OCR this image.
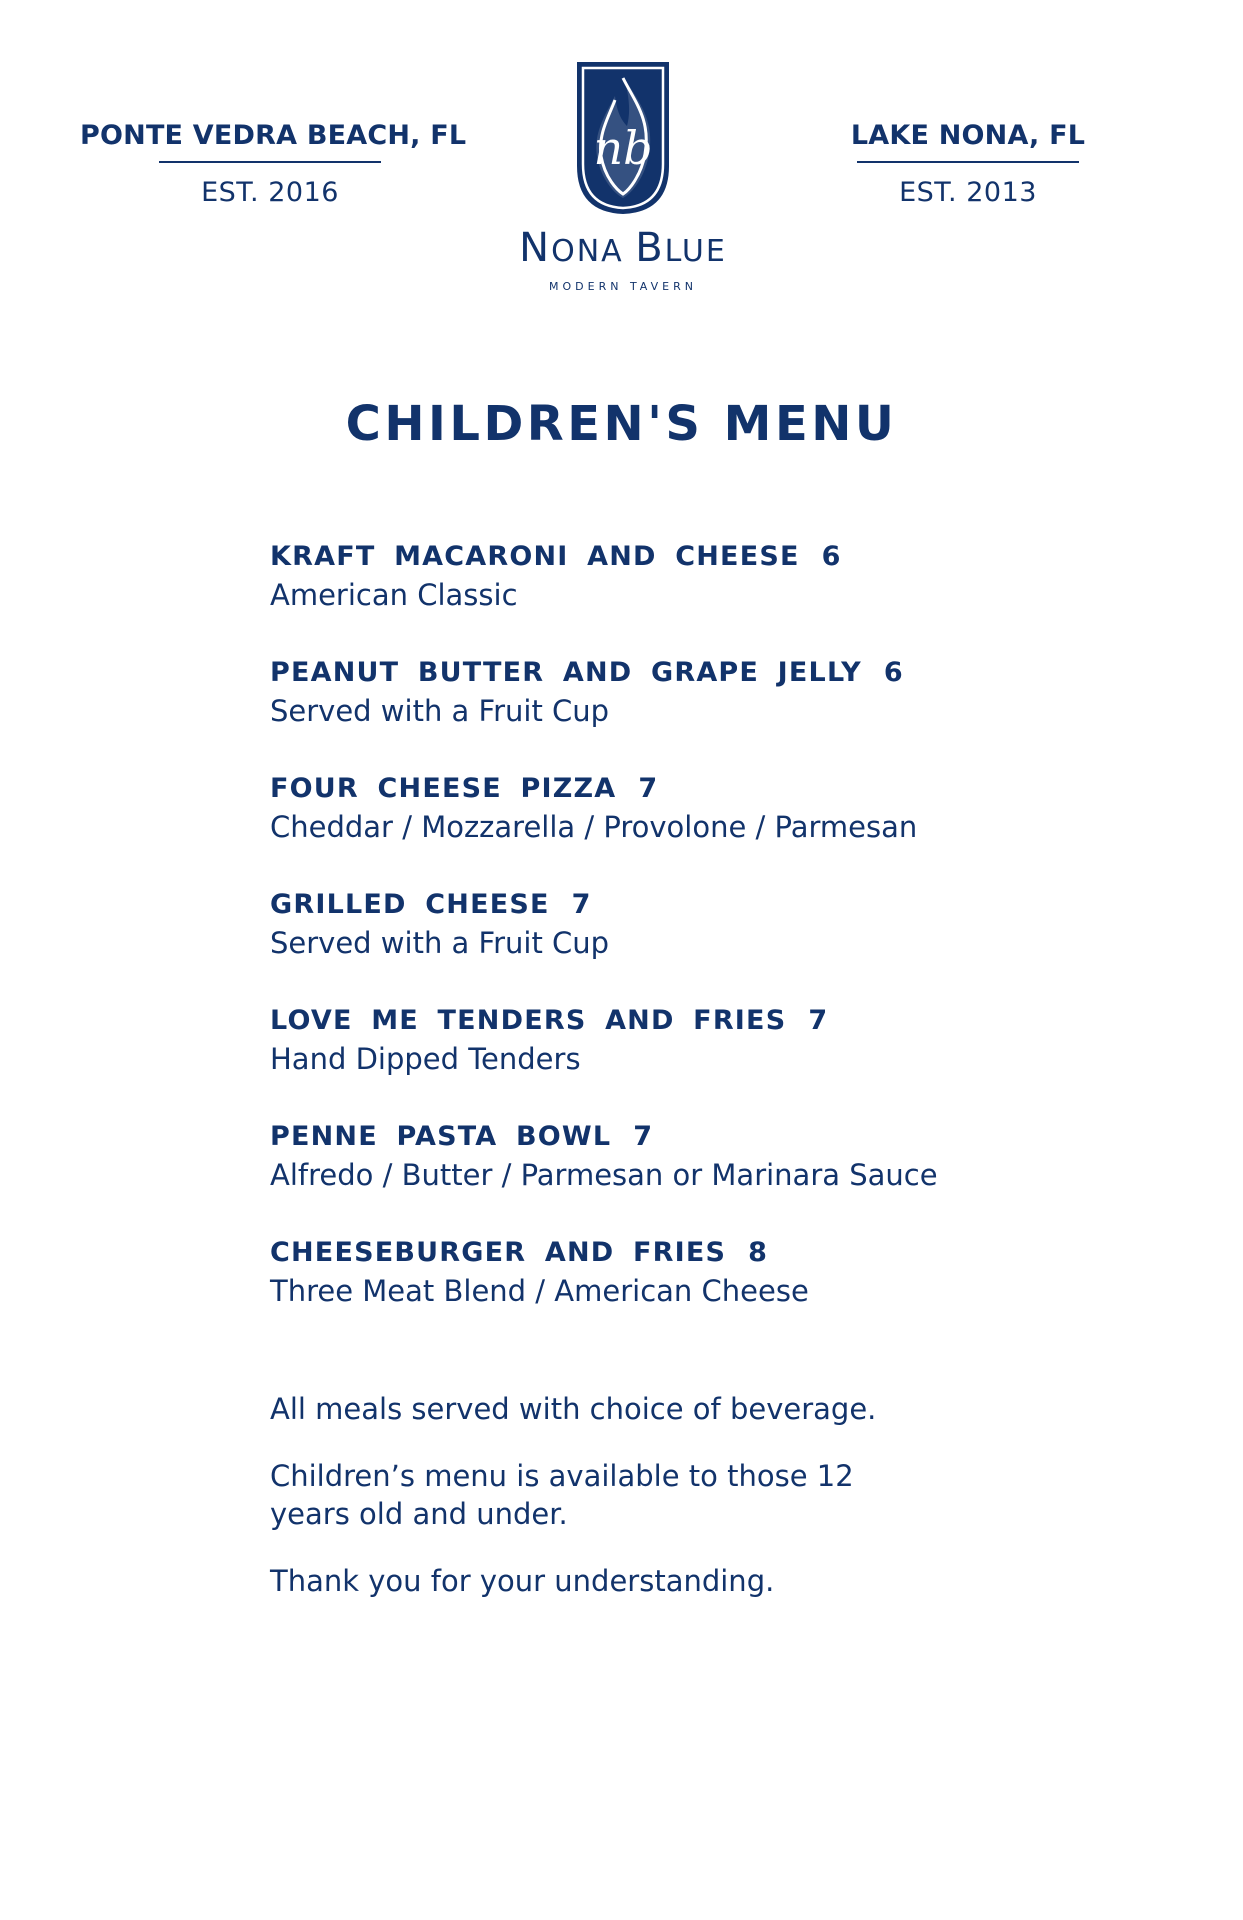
PONTE VEDRA BEACH, FL
EST. 2016
nb
NONA BLUE
MODERN TAVERN
LAKE NONA, FL
EST. 2013
CHILDREN'S MENU
KRAFT MACARONI AND CHEESE 6
American Classic
PEANUT BUTTER AND GRAPE JELLY 6
Served with a Fruit Cup
FOUR CHEESE PIZZA 7
Cheddar / Mozzarella / Provolone / Parmesan
GRILLED CHEESE 7
Served with a Fruit Cup
LOVE ME TENDERS AND FRIES 7
Hand Dipped Tenders
PENNE PASTA BOWL 7
Alfredo / Butter / Parmesan or Marinara Sauce
CHEESEBURGER AND FRIES 8
Three Meat Blend / American Cheese

All meals served with choice of beverage.

Children’s menu is available to those 12 years old and under.

Thank you for your understanding.
